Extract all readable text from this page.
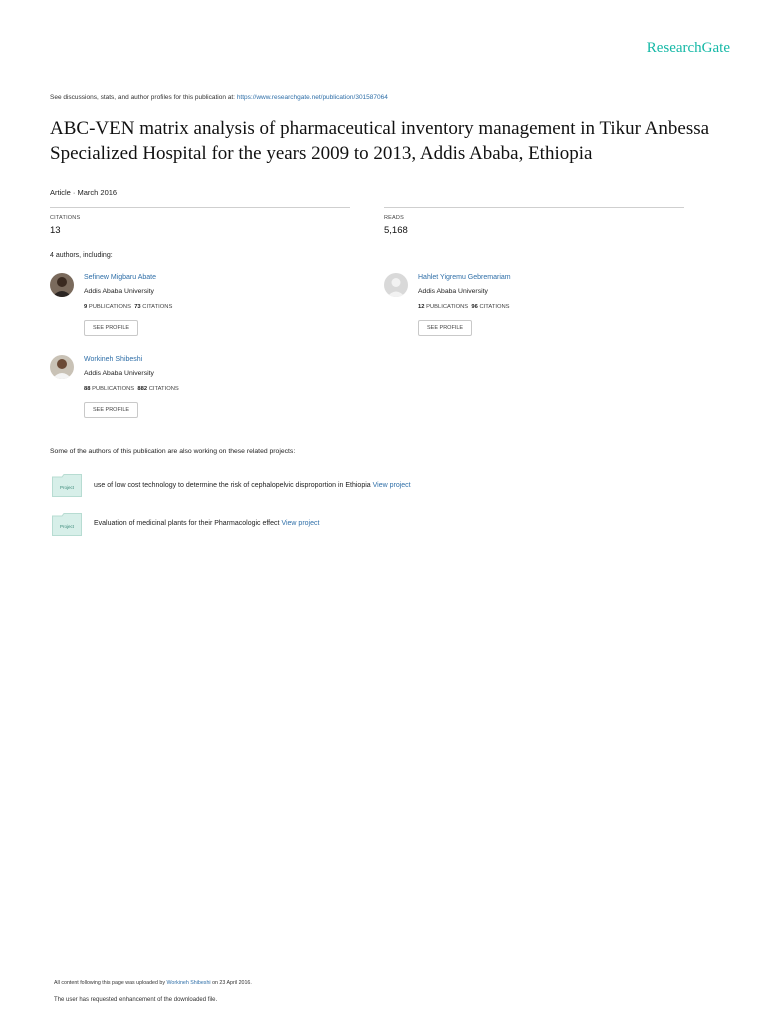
ResearchGate
See discussions, stats, and author profiles for this publication at: https://www.researchgate.net/publication/301587064
ABC-VEN matrix analysis of pharmaceutical inventory management in Tikur Anbessa Specialized Hospital for the years 2009 to 2013, Addis Ababa, Ethiopia
Article · March 2016
CITATIONS
13
READS
5,168
4 authors, including:
Sefinew Migbaru Abate
Addis Ababa University
9 PUBLICATIONS 73 CITATIONS
SEE PROFILE
Hahlet Yigremu Gebremariam
Addis Ababa University
12 PUBLICATIONS 96 CITATIONS
SEE PROFILE
Workineh Shibeshi
Addis Ababa University
88 PUBLICATIONS 882 CITATIONS
SEE PROFILE
Some of the authors of this publication are also working on these related projects:
Project	use of low cost technology to determine the risk of cephalopelvic disproportion in Ethiopia View project
Project	Evaluation of medicinal plants for their Pharmacologic effect View project
All content following this page was uploaded by Workineh Shibeshi on 23 April 2016.
The user has requested enhancement of the downloaded file.
